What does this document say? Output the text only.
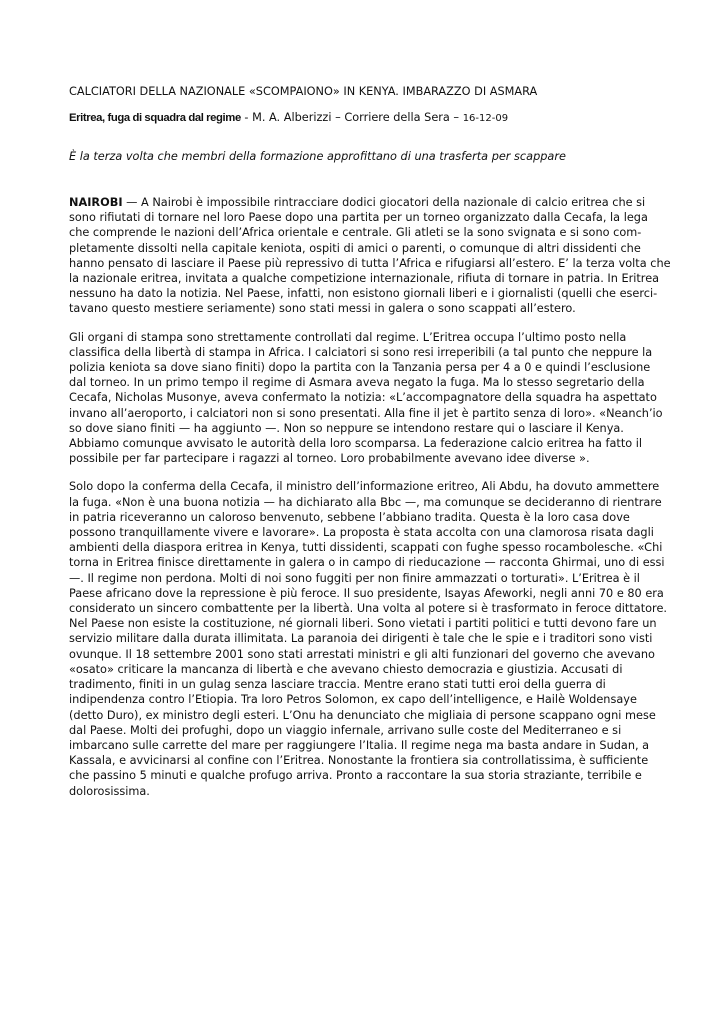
CALCIATORI DELLA NAZIONALE «SCOMPAIONO» IN KENYA. IMBARAZZO DI ASMARA
Eritrea, fuga di squadra dal regime - M. A. Alberizzi – Corriere della Sera – 16-12-09
È la terza volta che membri della formazione approfittano di una trasferta per scappare
NAIROBI — A Nairobi è impossibile rintracciare dodici giocatori della nazionale di calcio eritrea che si
sono rifiutati di tornare nel loro Paese dopo una partita per un torneo organizzato dalla Cecafa, la lega
che comprende le nazioni dell’Africa orientale e centrale. Gli atleti se la sono svignata e si sono com-
pletamente dissolti nella capitale keniota, ospiti di amici o parenti, o comunque di altri dissidenti che
hanno pensato di lasciare il Paese più repressivo di tutta l’Africa e rifugiarsi all’estero. E’ la terza volta che
la nazionale eritrea, invitata a qualche competizione internazionale, rifiuta di tornare in patria. In Eritrea
nessuno ha dato la notizia. Nel Paese, infatti, non esistono giornali liberi e i giornalisti (quelli che eserci-
tavano questo mestiere seriamente) sono stati messi in galera o sono scappati all’estero.
Gli organi di stampa sono strettamente controllati dal regime. L’Eritrea occupa l’ultimo posto nella
classifica della libertà di stampa in Africa. I calciatori si sono resi irreperibili (a tal punto che neppure la
polizia keniota sa dove siano finiti) dopo la partita con la Tanzania persa per 4 a 0 e quindi l’esclusione
dal torneo. In un primo tempo il regime di Asmara aveva negato la fuga. Ma lo stesso segretario della
Cecafa, Nicholas Musonye, aveva confermato la notizia: «L’accompagnatore della squadra ha aspettato
invano all’aeroporto, i calciatori non si sono presentati. Alla fine il jet è partito senza di loro». «Neanch’io
so dove siano finiti — ha aggiunto —. Non so neppure se intendono restare qui o lasciare il Kenya.
Abbiamo comunque avvisato le autorità della loro scomparsa. La federazione calcio eritrea ha fatto il
possibile per far partecipare i ragazzi al torneo. Loro probabilmente avevano idee diverse ».
Solo dopo la conferma della Cecafa, il ministro dell’informazione eritreo, Ali Abdu, ha dovuto ammettere
la fuga. «Non è una buona notizia — ha dichiarato alla Bbc —, ma comunque se decideranno di rientrare
in patria riceveranno un caloroso benvenuto, sebbene l’abbiano tradita. Questa è la loro casa dove
possono tranquillamente vivere e lavorare». La proposta è stata accolta con una clamorosa risata dagli
ambienti della diaspora eritrea in Kenya, tutti dissidenti, scappati con fughe spesso rocambolesche. «Chi
torna in Eritrea finisce direttamente in galera o in campo di rieducazione — racconta Ghirmai, uno di essi
—. Il regime non perdona. Molti di noi sono fuggiti per non finire ammazzati o torturati». L’Eritrea è il
Paese africano dove la repressione è più feroce. Il suo presidente, Isayas Afeworki, negli anni 70 e 80 era
considerato un sincero combattente per la libertà. Una volta al potere si è trasformato in feroce dittatore.
Nel Paese non esiste la costituzione, né giornali liberi. Sono vietati i partiti politici e tutti devono fare un
servizio militare dalla durata illimitata. La paranoia dei dirigenti è tale che le spie e i traditori sono visti
ovunque. Il 18 settembre 2001 sono stati arrestati ministri e gli alti funzionari del governo che avevano
«osato» criticare la mancanza di libertà e che avevano chiesto democrazia e giustizia. Accusati di
tradimento, finiti in un gulag senza lasciare traccia. Mentre erano stati tutti eroi della guerra di
indipendenza contro l’Etiopia. Tra loro Petros Solomon, ex capo dell’intelligence, e Hailè Woldensaye
(detto Duro), ex ministro degli esteri. L’Onu ha denunciato che migliaia di persone scappano ogni mese
dal Paese. Molti dei profughi, dopo un viaggio infernale, arrivano sulle coste del Mediterraneo e si
imbarcano sulle carrette del mare per raggiungere l’Italia. Il regime nega ma basta andare in Sudan, a
Kassala, e avvicinarsi al confine con l’Eritrea. Nonostante la frontiera sia controllatissima, è sufficiente
che passino 5 minuti e qualche profugo arriva. Pronto a raccontare la sua storia straziante, terribile e
dolorosissima.
